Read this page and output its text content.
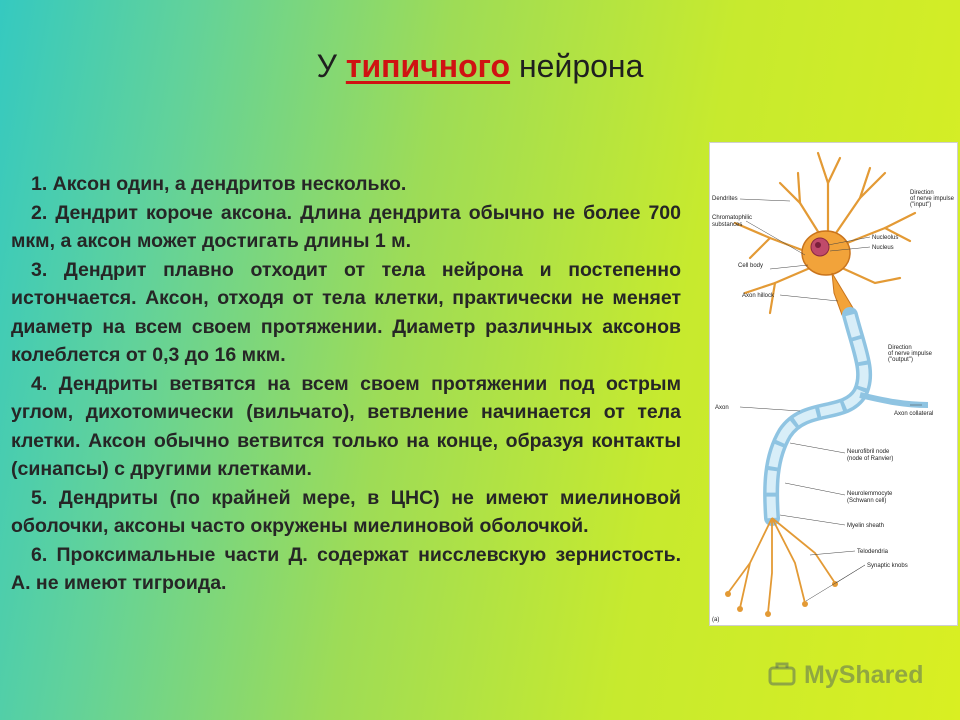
У типичного нейрона

1. Аксон один, а дендритов несколько.

2. Дендрит короче аксона. Длина дендрита обычно не более 700 мкм, а аксон может достигать длины 1 м.

3. Дендрит плавно отходит от тела нейрона и постепенно истончается. Аксон, отходя от тела клетки, практически не меняет диаметр на всем своем протяжении. Диаметр различных аксонов колеблется от 0,3 до 16 мкм.

4. Дендриты ветвятся на всем своем протяжении под острым углом, дихотомически (вильчато), ветвление начинается от тела клетки. Аксон обычно ветвится только на конце, образуя контакты (синапсы) с другими клетками.

5. Дендриты (по крайней мере, в ЦНС) не имеют миелиновой оболочки, аксоны часто окружены миелиновой оболочкой.

6. Проксимальные части Д. содержат нисслевскую зернистость. А. не имеют тигроида.

Dendrites
Chromatophilic
substances
Direction
of nerve impulse
("input")
Nucleolus
Nucleus
Cell body
Axon hillock
Direction
of nerve impulse
("output")
Axon
Axon collateral
Neurofibril node
(node of Ranvier)
Neurolemmocyte
(Schwann cell)
Myelin sheath
Telodendria
Synaptic knobs
(a)
MyShared
